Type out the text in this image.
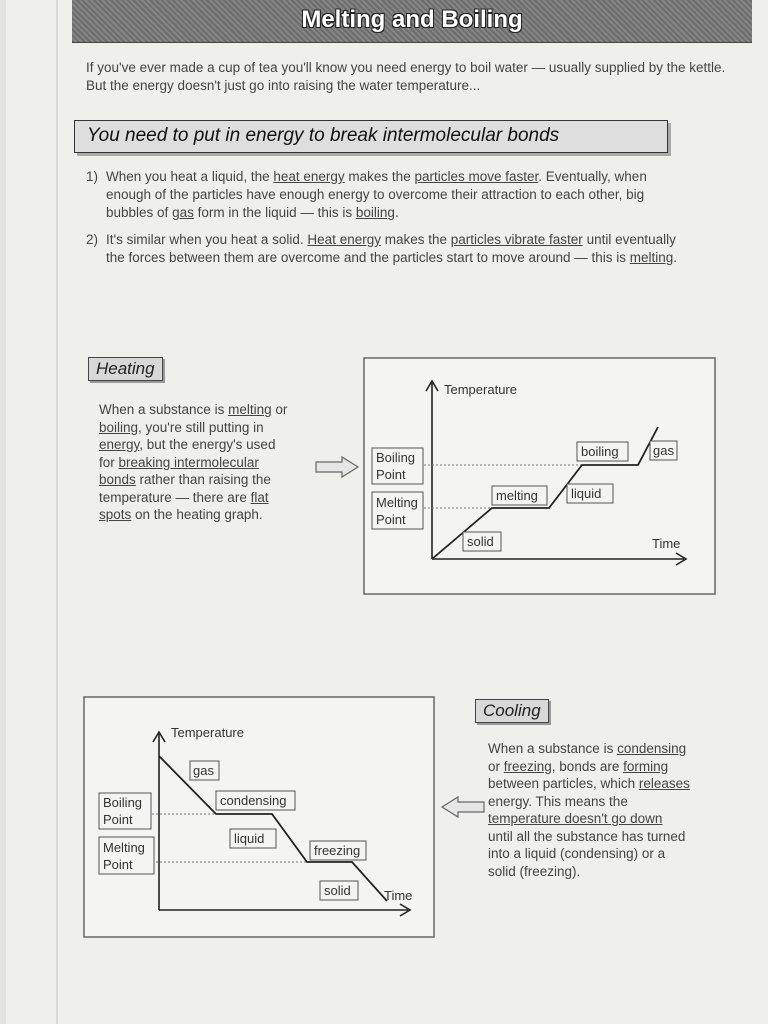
Melting and Boiling
If you've ever made a cup of tea you'll know you need energy to boil water — usually supplied by the kettle. But the energy doesn't just go into raising the water temperature...
You need to put in energy to break intermolecular bonds
1) When you heat a liquid, the heat energy makes the particles move faster. Eventually, when enough of the particles have enough energy to overcome their attraction to each other, big bubbles of gas form in the liquid — this is boiling.
2) It's similar when you heat a solid. Heat energy makes the particles vibrate faster until eventually the forces between them are overcome and the particles start to move around — this is melting.
Heating
When a substance is melting or
boiling, you're still putting in
energy, but the energy's used
for breaking intermolecular
bonds rather than raising the
temperature — there are flat
spots on the heating graph.
Temperature
Time
Boiling
Point
Melting
Point
solid
melting	liquid
boiling	gas
Temperature
Time
Boiling
Point
Melting
Point
gas
condensing
liquid
freezing
solid
Cooling
When a substance is condensing
or freezing, bonds are forming
between particles, which releases
energy. This means the
temperature doesn't go down
until all the substance has turned
into a liquid (condensing) or a
solid (freezing).
